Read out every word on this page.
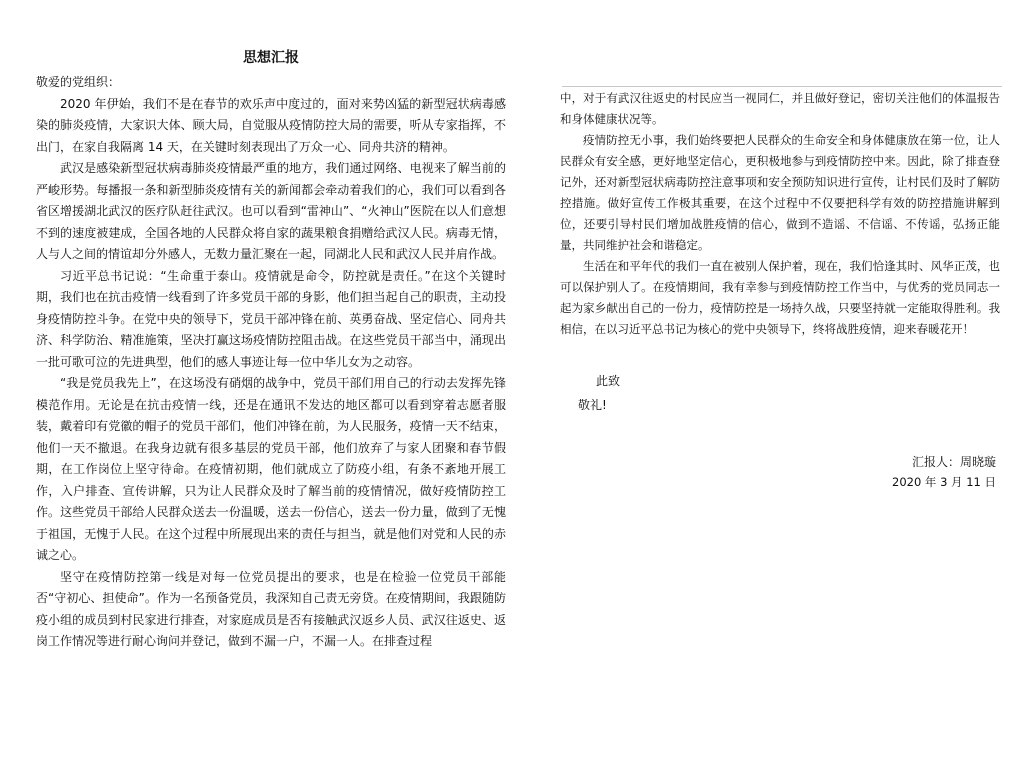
思想汇报
敬爱的党组织：

2020 年伊始，我们不是在春节的欢乐声中度过的，面对来势凶猛的新型冠状病毒感染的肺炎疫情，大家识大体、顾大局，自觉服从疫情防控大局的需要，听从专家指挥，不出门，在家自我隔离 14 天，在关键时刻表现出了万众一心、同舟共济的精神。

武汉是感染新型冠状病毒肺炎疫情最严重的地方，我们通过网络、电视来了解当前的严峻形势。每播报一条和新型肺炎疫情有关的新闻都会牵动着我们的心，我们可以看到各省区增援湖北武汉的医疗队赶往武汉。也可以看到“雷神山”、“火神山”医院在以人们意想不到的速度被建成，全国各地的人民群众将自家的蔬果粮食捐赠给武汉人民。病毒无情，人与人之间的情谊却分外感人，无数力量汇聚在一起，同湖北人民和武汉人民并肩作战。

习近平总书记说：“生命重于泰山。疫情就是命令，防控就是责任。”在这个关键时期，我们也在抗击疫情一线看到了许多党员干部的身影，他们担当起自己的职责，主动投身疫情防控斗争。在党中央的领导下，党员干部冲锋在前、英勇奋战、坚定信心、同舟共济、科学防治、精准施策，坚决打赢这场疫情防控阻击战。在这些党员干部当中，涌现出一批可歌可泣的先进典型，他们的感人事迹让每一位中华儿女为之动容。

“我是党员我先上”，在这场没有硝烟的战争中，党员干部们用自己的行动去发挥先锋模范作用。无论是在抗击疫情一线，还是在通讯不发达的地区都可以看到穿着志愿者服装，戴着印有党徽的帽子的党员干部们，他们冲锋在前，为人民服务，疫情一天不结束，他们一天不撤退。在我身边就有很多基层的党员干部，他们放弃了与家人团聚和春节假期，在工作岗位上坚守待命。在疫情初期，他们就成立了防疫小组，有条不紊地开展工作，入户排查、宣传讲解，只为让人民群众及时了解当前的疫情情况，做好疫情防控工作。这些党员干部给人民群众送去一份温暖，送去一份信心，送去一份力量，做到了无愧于祖国，无愧于人民。在这个过程中所展现出来的责任与担当，就是他们对党和人民的赤诚之心。

坚守在疫情防控第一线是对每一位党员提出的要求，也是在检验一位党员干部能否“守初心、担使命”。作为一名预备党员，我深知自己责无旁贷。在疫情期间，我跟随防疫小组的成员到村民家进行排查，对家庭成员是否有接触武汉返乡人员、武汉往返史、返岗工作情况等进行耐心询问并登记，做到不漏一户，不漏一人。在排查过程

中，对于有武汉往返史的村民应当一视同仁，并且做好登记，密切关注他们的体温报告和身体健康状况等。

疫情防控无小事，我们始终要把人民群众的生命安全和身体健康放在第一位，让人民群众有安全感，更好地坚定信心，更积极地参与到疫情防控中来。因此，除了排查登记外，还对新型冠状病毒防控注意事项和安全预防知识进行宣传，让村民们及时了解防控措施。做好宣传工作极其重要，在这个过程中不仅要把科学有效的防控措施讲解到位，还要引导村民们增加战胜疫情的信心，做到不造谣、不信谣、不传谣，弘扬正能量，共同维护社会和谐稳定。

生活在和平年代的我们一直在被别人保护着，现在，我们恰逢其时、风华正茂，也可以保护别人了。在疫情期间，我有幸参与到疫情防控工作当中，与优秀的党员同志一起为家乡献出自己的一份力，疫情防控是一场持久战，只要坚持就一定能取得胜利。我相信，在以习近平总书记为核心的党中央领导下，终将战胜疫情，迎来春暖花开！

此致
敬礼!
汇报人：周晓璇
2020 年 3 月 11 日
